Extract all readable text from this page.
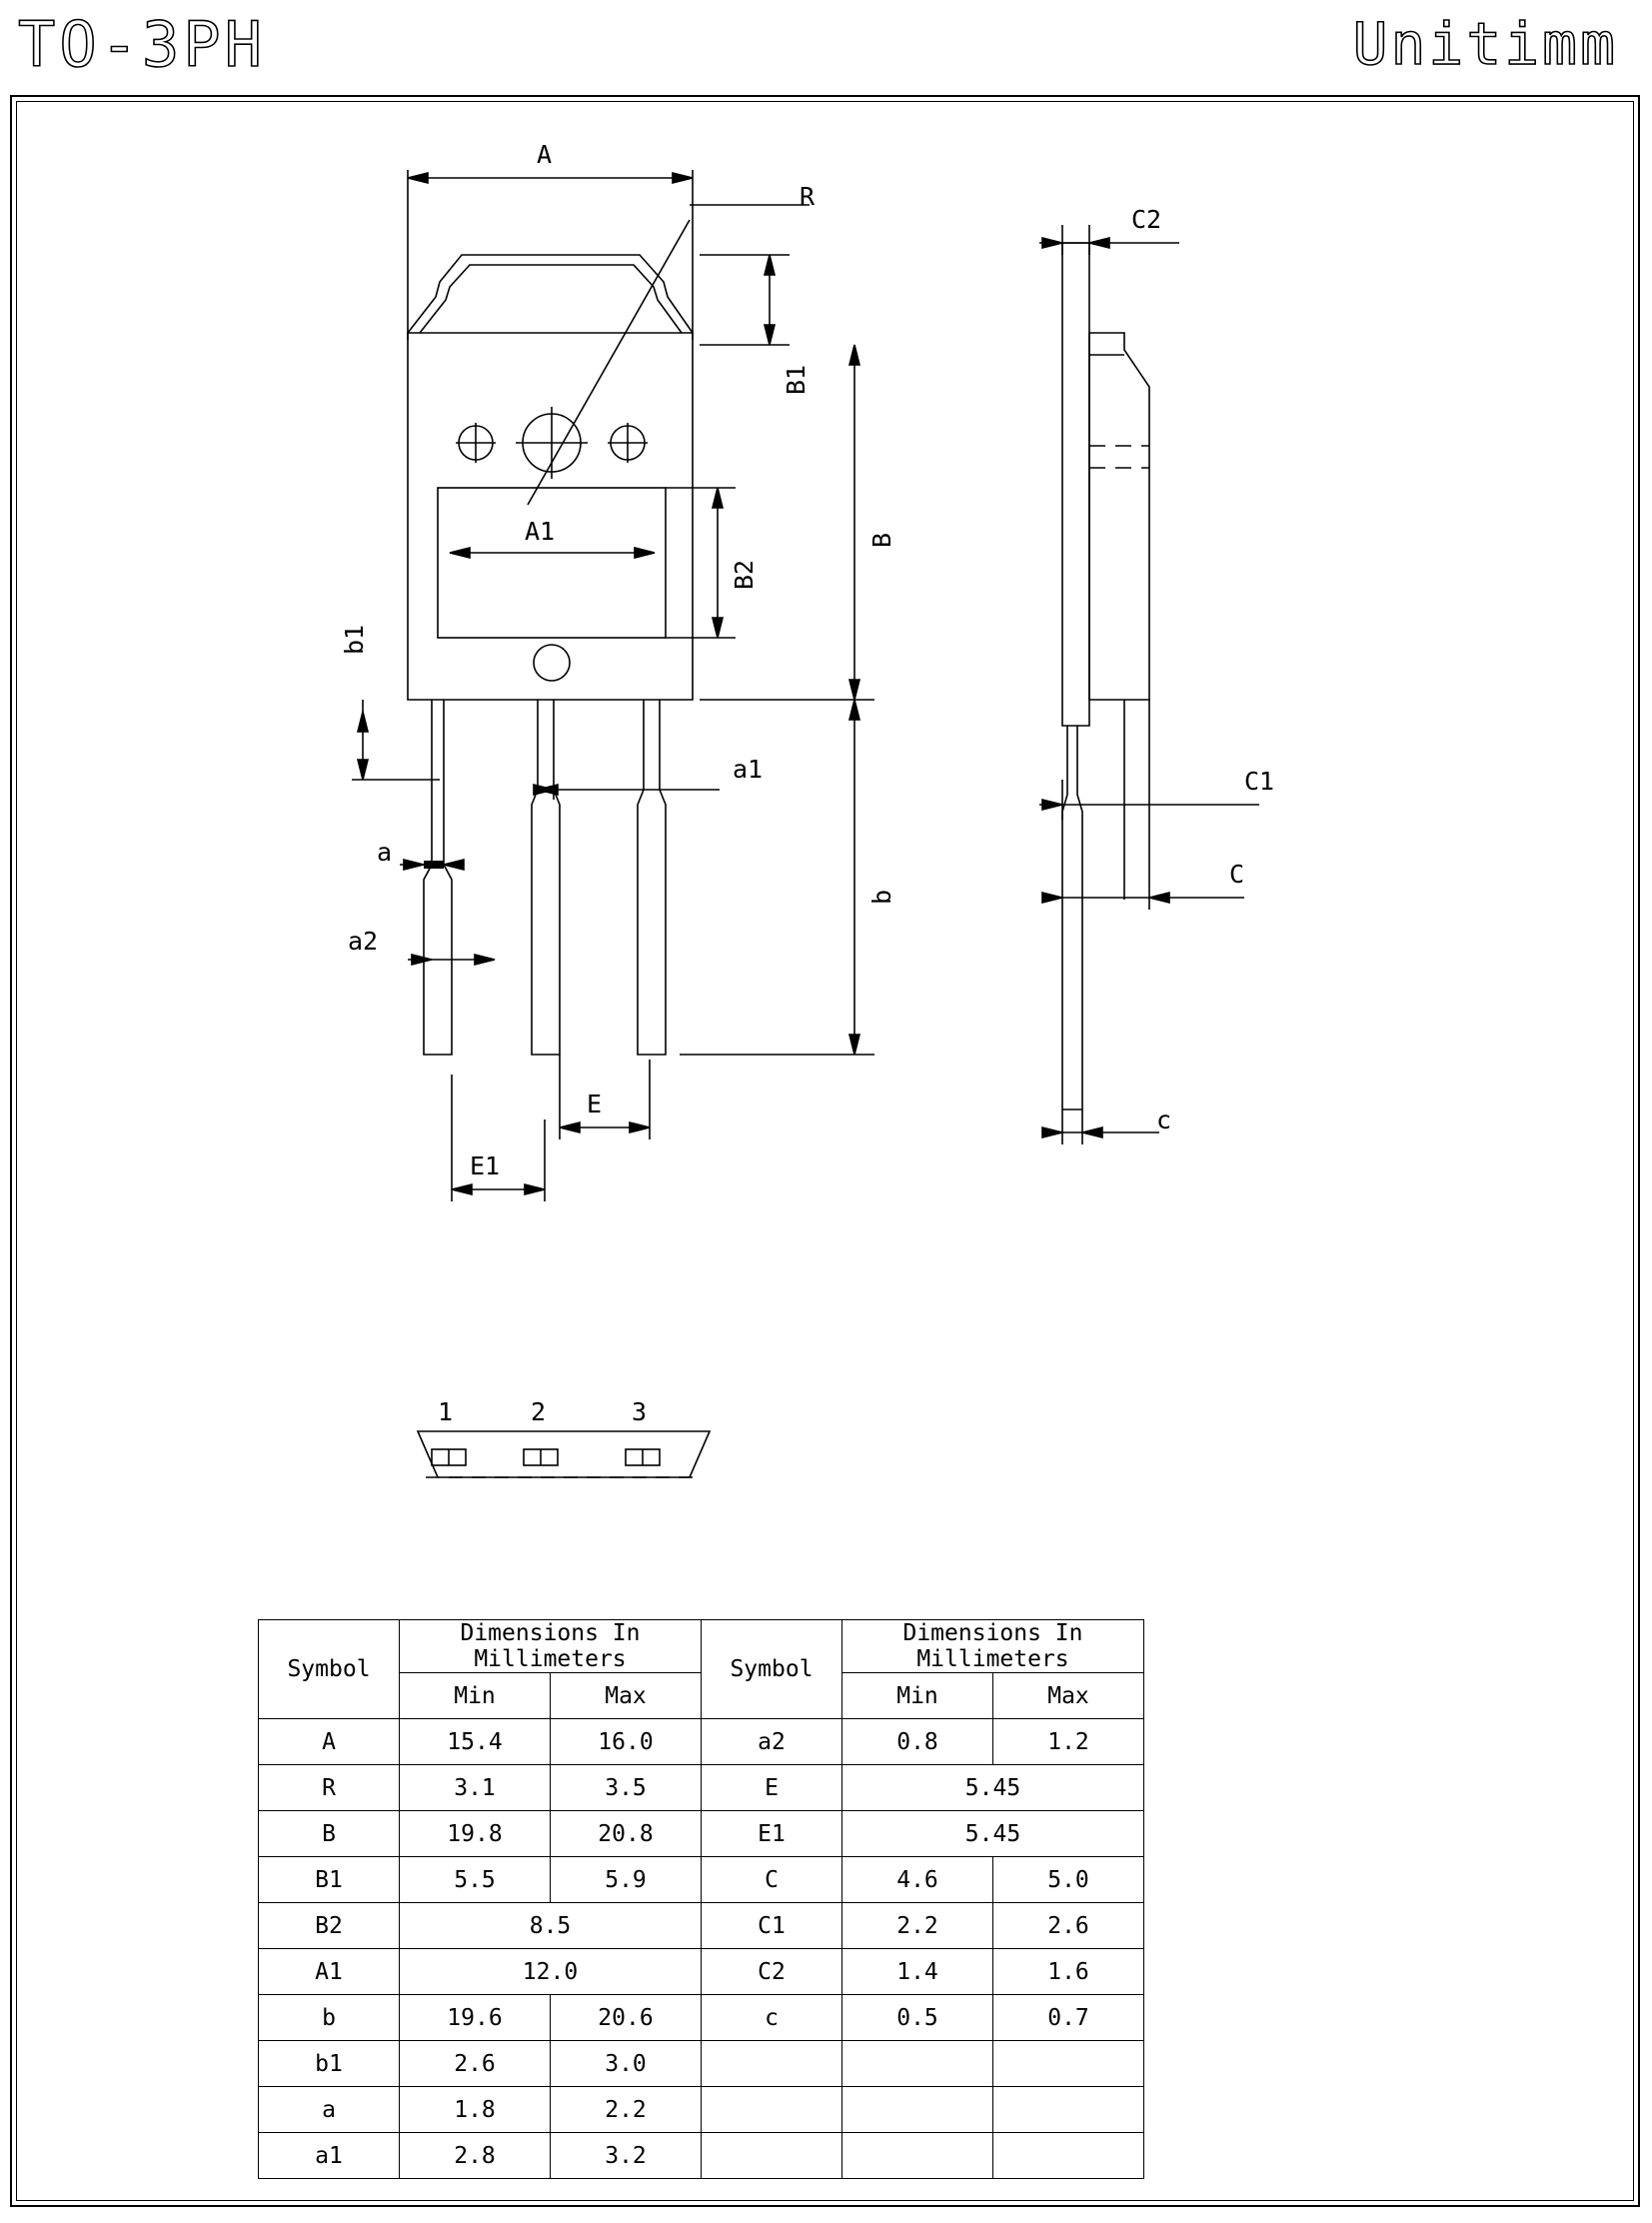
TO-3PH	Unitimm
A
R
B1
B
A1
B2
b1
a1
a
a2
b
E
E1
C2
C1
C
c
1	2	3
Symbol	Dimensions In Millimeters		Symbol	Dimensions In Millimeters	
	Min	Max		Min	Max
A	15.4	16.0	a2	0.8	1.2
R	3.1	3.5	E	5.45	
B	19.8	20.8	E1	5.45	
B1	5.5	5.9	C	4.6	5.0
B2	8.5		C1	2.2	2.6
A1	12.0		C2	1.4	1.6
b	19.6	20.6	c	0.5	0.7
b1	2.6	3.0			
a	1.8	2.2			
a1	2.8	3.2			
